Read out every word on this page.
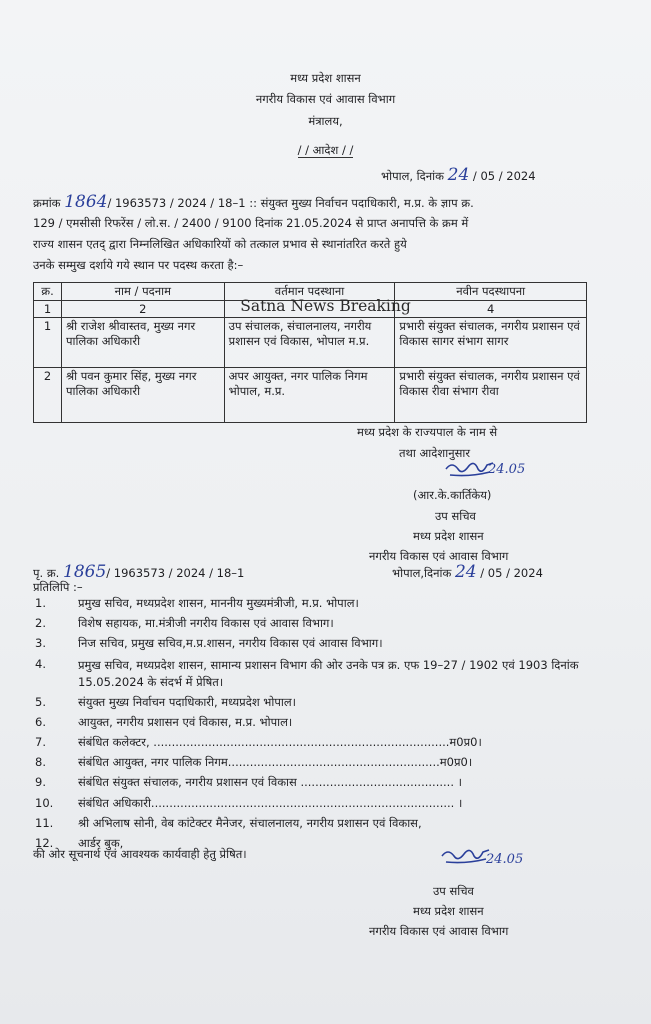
मध्य प्रदेश शासन
नगरीय विकास एवं आवास विभाग
मंत्रालय,
/ / आदेश / /
भोपाल, दिनांक 24 / 05 / 2024
क्रमांक 1864/ 1963573 / 2024 / 18–1 :: संयुक्त मुख्य निर्वाचन पदाधिकारी, म.प्र. के ज्ञाप क्र.
129 / एमसीसी रिफरेंस / लो.स. / 2400 / 9100 दिनांक 21.05.2024 से प्राप्त अनापत्ति के क्रम में
राज्य शासन एतद् द्वारा निम्नलिखित अधिकारियों को तत्काल प्रभाव से स्थानांतरित करते हुये
उनके सम्मुख दर्शाये गये स्थान पर पदस्थ करता है:–
क्र.	नाम / पदनाम	वर्तमान पदस्थाना	नवीन पदस्थापना
1	2		4
1	श्री राजेश श्रीवास्तव, मुख्य नगर पालिका अधिकारी	उप संचालक, संचालनालय, नगरीय प्रशासन एवं विकास, भोपाल म.प्र.	प्रभारी संयुक्त संचालक, नगरीय प्रशासन एवं विकास सागर संभाग सागर
2	श्री पवन कुमार सिंह, मुख्य नगर पालिका अधिकारी	अपर आयुक्त, नगर पालिक निगम भोपाल, म.प्र.	प्रभारी संयुक्त संचालक, नगरीय प्रशासन एवं विकास रीवा संभाग रीवा
Satna News Breaking
मध्य प्रदेश के राज्यपाल के नाम से
तथा आदेशानुसार
24.05
(आर.के.कार्तिकेय)
उप सचिव
मध्य प्रदेश शासन
नगरीय विकास एवं आवास विभाग
पृ. क्र. 1865/ 1963573 / 2024 / 18–1	भोपाल,दिनांक 24 / 05 / 2024
प्रतिलिपि :–
1.	प्रमुख सचिव, मध्यप्रदेश शासन, माननीय मुख्यमंत्रीजी, म.प्र. भोपाल।
2.	विशेष सहायक, मा.मंत्रीजी नगरीय विकास एवं आवास विभाग।
3.	निज सचिव, प्रमुख सचिव,म.प्र.शासन, नगरीय विकास एवं आवास विभाग।
4.	प्रमुख सचिव, मध्यप्रदेश शासन, सामान्य प्रशासन विभाग की ओर उनके पत्र क्र. एफ 19–27 / 1902 एवं 1903 दिनांक 15.05.2024 के संदर्भ में प्रेषित।
5.	संयुक्त मुख्य निर्वाचन पदाधिकारी, मध्यप्रदेश भोपाल।
6.	आयुक्त, नगरीय प्रशासन एवं विकास, म.प्र. भोपाल।
7.	संबंधित कलेक्टर, .................................................................................म0प्र0।
8.	संबंधित आयुक्त, नगर पालिक निगम..........................................................म0प्र0।
9.	संबंधित संयुक्त संचालक, नगरीय प्रशासन एवं विकास .......................................... ।
10. संबंधित अधिकारी................................................................................... ।
11. श्री अभिलाष सोनी, वेब कांटेक्टर मैनेजर, संचालनालय, नगरीय प्रशासन एवं विकास,
12. आर्डर बुक,
की ओर सूचनार्थ एवं आवश्यक कार्यवाही हेतु प्रेषित।	24.05
उप सचिव
मध्य प्रदेश शासन
नगरीय विकास एवं आवास विभाग
